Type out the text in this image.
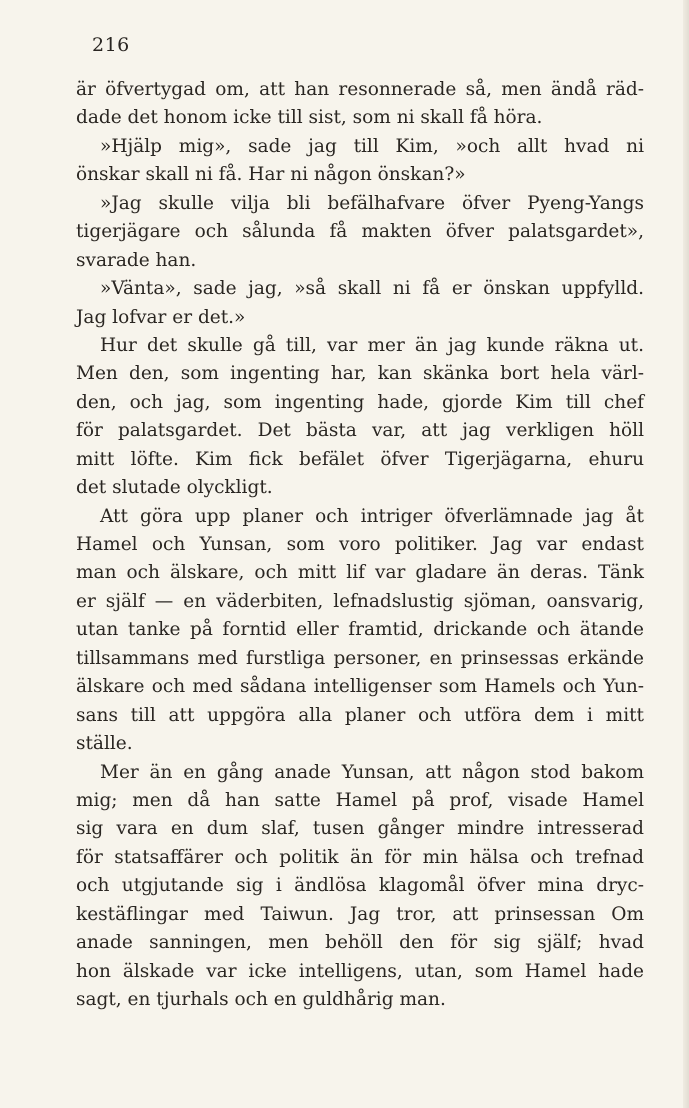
216
är öfvertygad om, att han resonnerade så, men ändå räd-
dade det honom icke till sist, som ni skall få höra.
»Hjälp mig», sade jag till Kim, »och allt hvad ni
önskar skall ni få. Har ni någon önskan?»
»Jag skulle vilja bli befälhafvare öfver Pyeng-Yangs
tigerjägare och sålunda få makten öfver palatsgardet»,
svarade han.
»Vänta», sade jag, »så skall ni få er önskan uppfylld.
Jag lofvar er det.»
Hur det skulle gå till, var mer än jag kunde räkna ut.
Men den, som ingenting har, kan skänka bort hela värl-
den, och jag, som ingenting hade, gjorde Kim till chef
för palatsgardet. Det bästa var, att jag verkligen höll
mitt löfte. Kim fick befälet öfver Tigerjägarna, ehuru
det slutade olyckligt.
Att göra upp planer och intriger öfverlämnade jag åt
Hamel och Yunsan, som voro politiker. Jag var endast
man och älskare, och mitt lif var gladare än deras. Tänk
er själf — en väderbiten, lefnadslustig sjöman, oansvarig,
utan tanke på forntid eller framtid, drickande och ätande
tillsammans med furstliga personer, en prinsessas erkände
älskare och med sådana intelligenser som Hamels och Yun-
sans till att uppgöra alla planer och utföra dem i mitt
ställe.
Mer än en gång anade Yunsan, att någon stod bakom
mig; men då han satte Hamel på prof, visade Hamel
sig vara en dum slaf, tusen gånger mindre intresserad
för statsaffärer och politik än för min hälsa och trefnad
och utgjutande sig i ändlösa klagomål öfver mina dryc-
kestäflingar med Taiwun. Jag tror, att prinsessan Om
anade sanningen, men behöll den för sig själf; hvad
hon älskade var icke intelligens, utan, som Hamel hade
sagt, en tjurhals och en guldhårig man.
